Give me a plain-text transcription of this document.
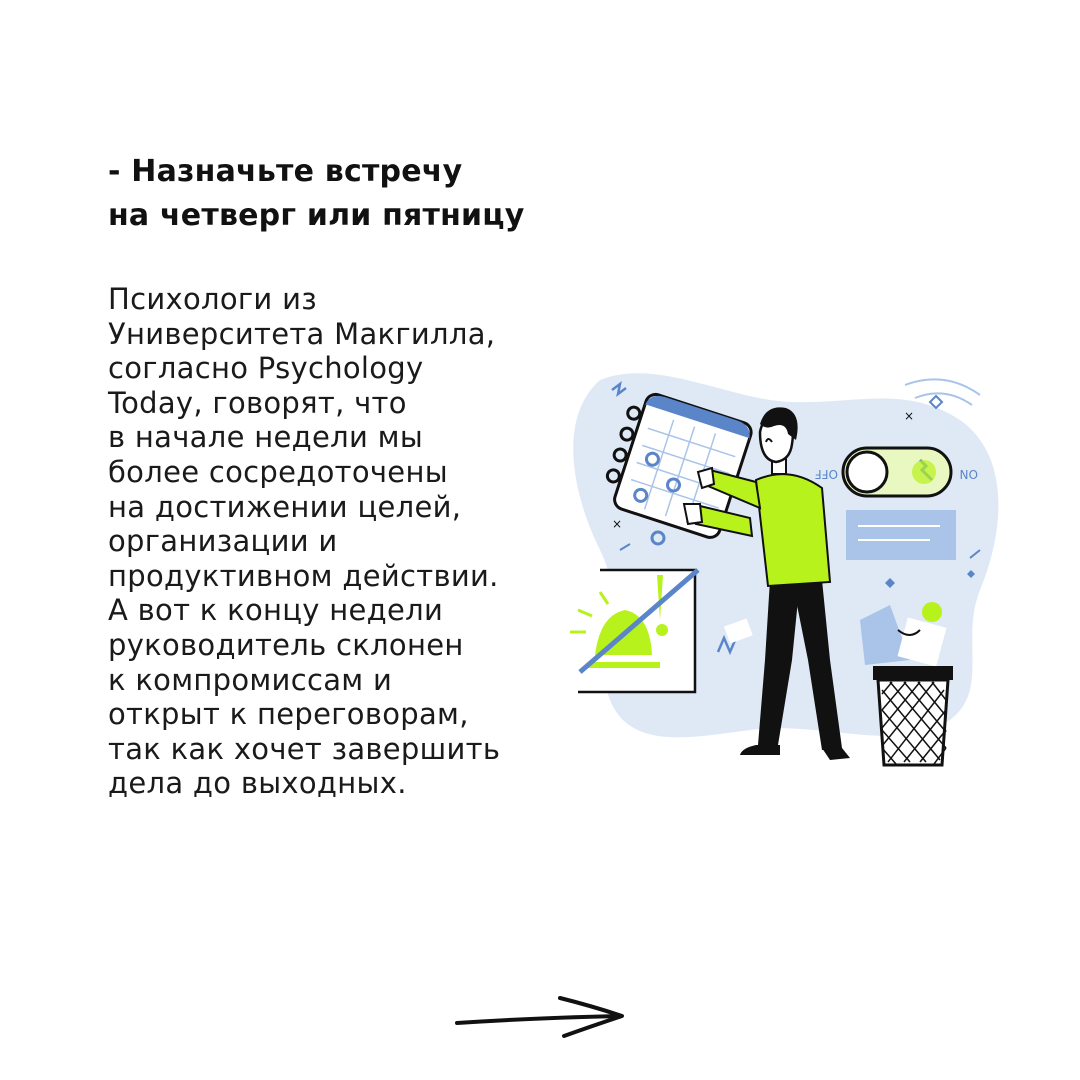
- Назначьте встречу
на четверг или пятницу
Психологи из
Университета Макгилла,
согласно Psychology
Today, говорят, что
в начале недели мы
более сосредоточены
на достижении целей,
организации и
продуктивном действии.
А вот к концу недели
руководитель склонен
к компромиссам и
открыт к переговорам,
так как хочет завершить
дела до выходных.
×
×
OFF	ON
